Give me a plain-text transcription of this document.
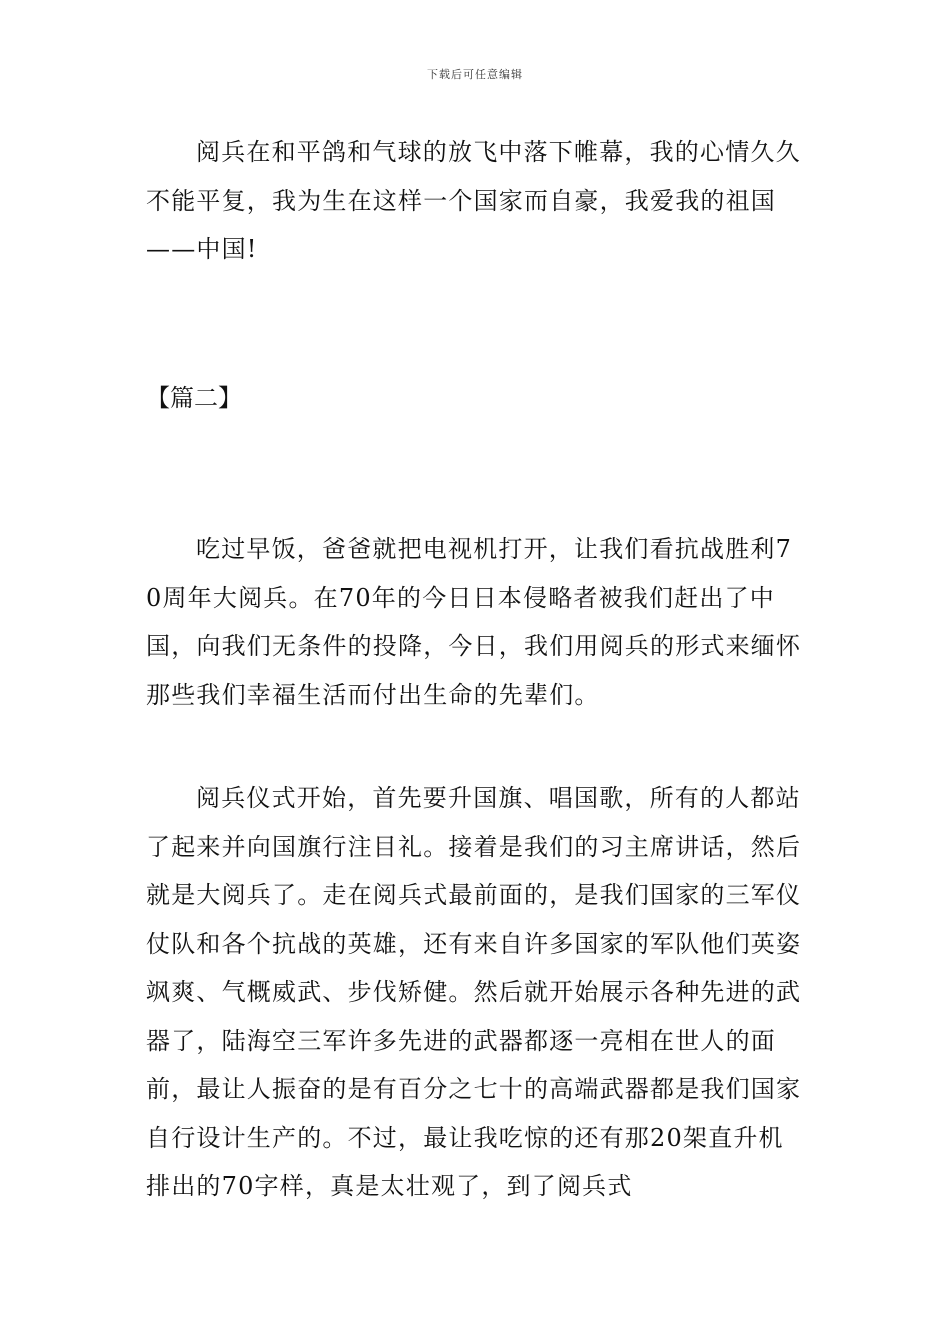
下载后可任意编辑

阅兵在和平鸽和气球的放飞中落下帷幕，我的心情久久不能平复，我为生在这样一个国家而自豪，我爱我的祖国——中国!

【篇二】

吃过早饭，爸爸就把电视机打开，让我们看抗战胜利70周年大阅兵。在70年的今日日本侵略者被我们赶出了中国，向我们无条件的投降，今日，我们用阅兵的形式来缅怀那些我们幸福生活而付出生命的先辈们。

阅兵仪式开始，首先要升国旗、唱国歌，所有的人都站了起来并向国旗行注目礼。接着是我们的习主席讲话，然后就是大阅兵了。走在阅兵式最前面的，是我们国家的三军仪仗队和各个抗战的英雄，还有来自许多国家的军队他们英姿飒爽、气概威武、步伐矫健。然后就开始展示各种先进的武器了，陆海空三军许多先进的武器都逐一亮相在世人的面前，最让人振奋的是有百分之七十的高端武器都是我们国家自行设计生产的。不过，最让我吃惊的还有那20架直升机排出的70字样，真是太壮观了，到了阅兵式
